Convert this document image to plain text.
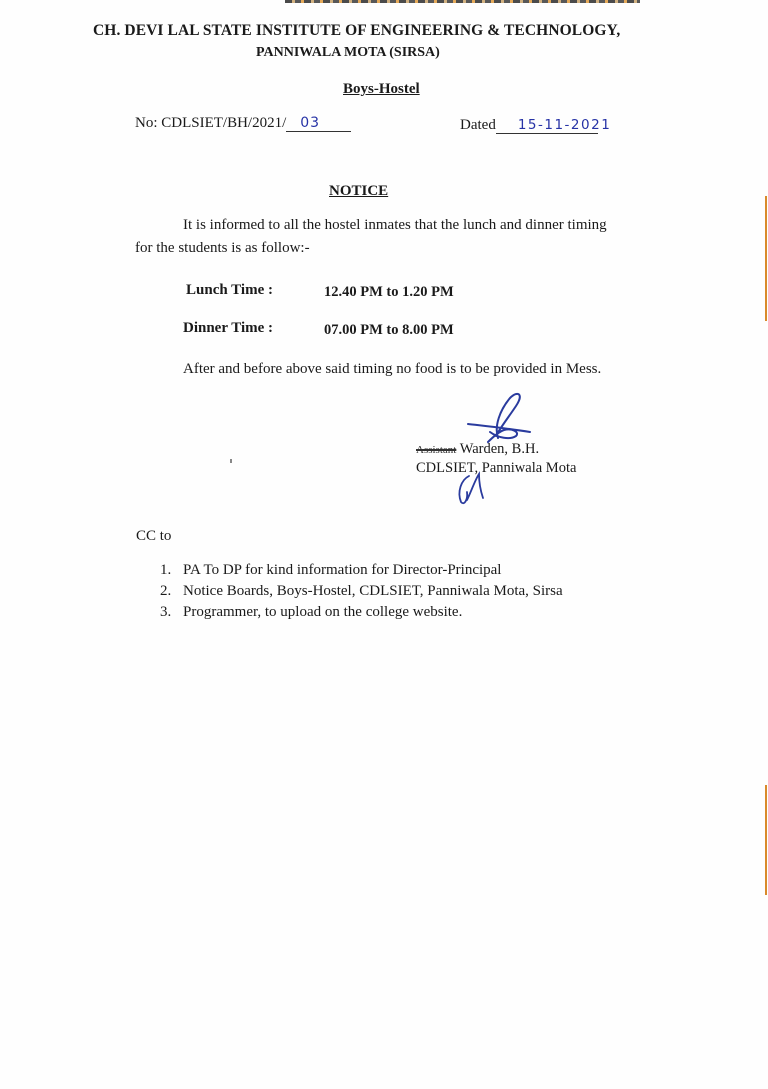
CH. DEVI LAL STATE INSTITUTE OF ENGINEERING & TECHNOLOGY,
PANNIWALA MOTA (SIRSA)
Boys-Hostel
No: CDLSIET/BH/2021/ 03	Dated 15-11-2021
NOTICE
It is informed to all the hostel inmates that the lunch and dinner timing
for the students is as follow:-
Lunch Time :	12.40 PM to 1.20 PM
Dinner Time :	07.00 PM to 8.00 PM
After and before above said timing no food is to be provided in Mess.
Assistant Warden, B.H.
CDLSIET, Panniwala Mota
CC to
1. PA To DP for kind information for Director-Principal
2. Notice Boards, Boys-Hostel, CDLSIET, Panniwala Mota, Sirsa
3. Programmer, to upload on the college website.
